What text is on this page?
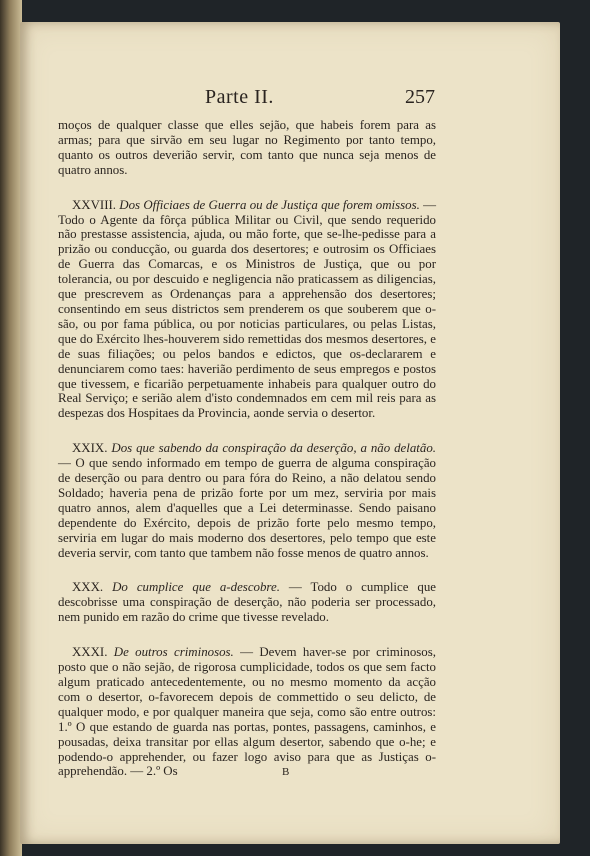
Parte II.	257

moços de qualquer classe que elles sejão, que habeis forem para as armas; para que sirvão em seu lugar no Regimento por tanto tempo, quanto os outros deverião servir, com tanto que nunca seja menos de quatro annos.

XXVIII. Dos Officiaes de Guerra ou de Justiça que forem omissos. — Todo o Agente da fôrça pública Militar ou Civil, que sendo requerido não prestasse assistencia, ajuda, ou mão forte, que se-lhe-pedisse para a prizão ou conducção, ou guarda dos desertores; e outrosim os Officiaes de Guerra das Comarcas, e os Ministros de Justiça, que ou por tolerancia, ou por descuido e negligencia não praticassem as diligencias, que prescrevem as Ordenanças para a apprehensão dos desertores; consentindo em seus districtos sem prenderem os que souberem que o-são, ou por fama pública, ou por noticias particulares, ou pelas Listas, que do Exército lhes-houverem sido remettidas dos mesmos desertores, e de suas filiações; ou pelos bandos e edictos, que os-declararem e denunciarem como taes: haverião perdimento de seus empregos e postos que tivessem, e ficarião perpetuamente inhabeis para qualquer outro do Real Serviço; e serião alem d'isto condemnados em cem mil reis para as despezas dos Hospitaes da Provincia, aonde servia o desertor.

XXIX. Dos que sabendo da conspiração da deserção, a não delatão. — O que sendo informado em tempo de guerra de alguma conspiração de deserção ou para dentro ou para fóra do Reino, a não delatou sendo Soldado; haveria pena de prizão forte por um mez, serviria por mais quatro annos, alem d'aquelles que a Lei determinasse. Sendo paisano dependente do Exército, depois de prizão forte pelo mesmo tempo, serviria em lugar do mais moderno dos desertores, pelo tempo que este deveria servir, com tanto que tambem não fosse menos de quatro annos.

XXX. Do cumplice que a-descobre. — Todo o cumplice que descobrisse uma conspiração de deserção, não poderia ser processado, nem punido em razão do crime que tivesse revelado.

XXXI. De outros criminosos. — Devem haver-se por criminosos, posto que o não sejão, de rigorosa cumplicidade, todos os que sem facto algum praticado antecedentemente, ou no mesmo momento da acção com o desertor, o-favorecem depois de commettido o seu delicto, de qualquer modo, e por qualquer maneira que seja, como são entre outros: 1.º O que estando de guarda nas portas, pontes, passagens, caminhos, e pousadas, deixa transitar por ellas algum desertor, sabendo que o-he; e podendo-o apprehender, ou fazer logo aviso para que as Justiças o-apprehendão. — 2.º Os	B
